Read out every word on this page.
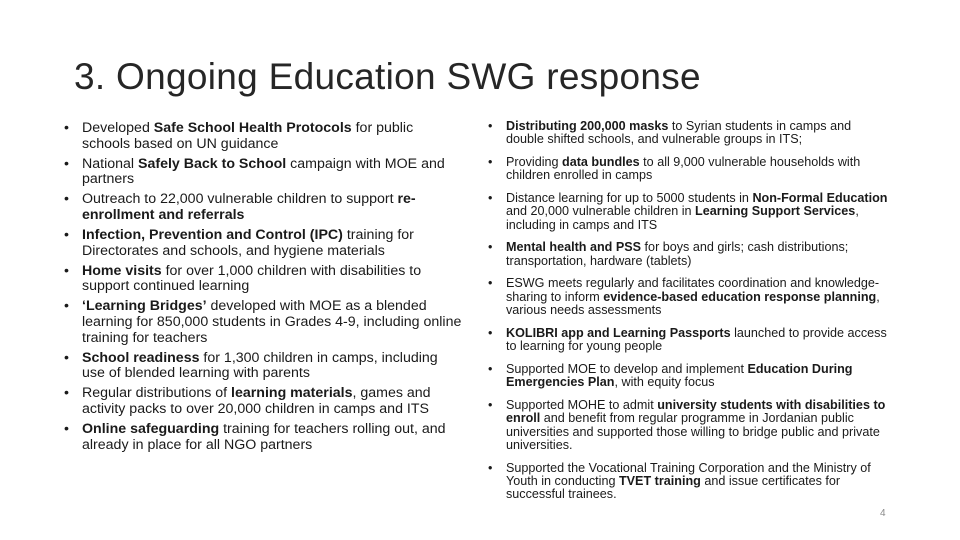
3. Ongoing Education SWG response
• Developed Safe School Health Protocols for public schools based on UN guidance
• National Safely Back to School campaign with MOE and partners
• Outreach to 22,000 vulnerable children to support re-enrollment and referrals
• Infection, Prevention and Control (IPC) training for Directorates and schools, and hygiene materials
• Home visits for over 1,000 children with disabilities to support continued learning
• ‘Learning Bridges’ developed with MOE as a blended learning for 850,000 students in Grades 4-9, including online training for teachers
• School readiness for 1,300 children in camps, including use of blended learning with parents
• Regular distributions of learning materials, games and activity packs to over 20,000 children in camps and ITS
• Online safeguarding training for teachers rolling out, and already in place for all NGO partners
• Distributing 200,000 masks to Syrian students in camps and double shifted schools, and vulnerable groups in ITS;
• Providing data bundles to all 9,000 vulnerable households with children enrolled in camps
• Distance learning for up to 5000 students in Non-Formal Education and 20,000 vulnerable children in Learning Support Services, including in camps and ITS
• Mental health and PSS for boys and girls; cash distributions; transportation, hardware (tablets)
• ESWG meets regularly and facilitates coordination and knowledge-sharing to inform evidence-based education response planning, various needs assessments
• KOLIBRI app and Learning Passports launched to provide access to learning for young people
• Supported MOE to develop and implement Education During Emergencies Plan, with equity focus
• Supported MOHE to admit university students with disabilities to enroll and benefit from regular programme in Jordanian public universities and supported those willing to bridge public and private universities.
• Supported the Vocational Training Corporation and the Ministry of Youth in conducting TVET training and issue certificates for successful trainees.
4
